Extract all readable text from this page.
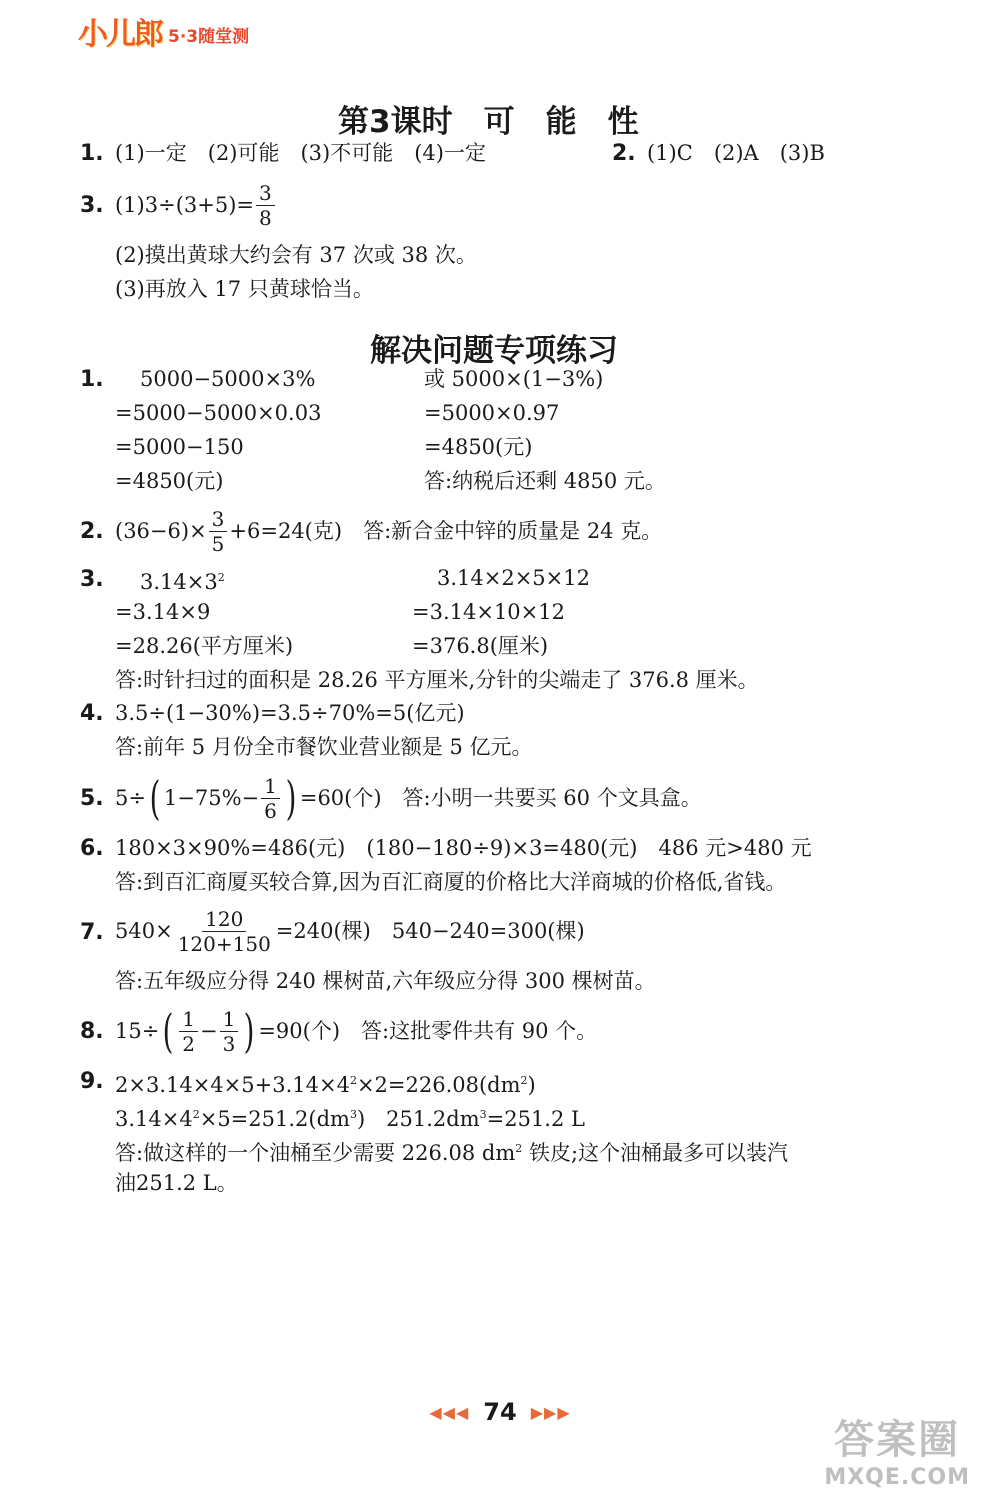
小儿郎 5·3随堂测
第3课时　可　能　性
1. (1)一定　(2)可能　(3)不可能　(4)一定	2. (1)C　(2)A　(3)B
3. $(1)3\div(3+5)= \frac{3}{8}$
(2)摸出黄球大约会有 37 次或 38 次。
(3)再放入 17 只黄球恰当。
解决问题专项练习
1. 5000−5000×3%
=5000−5000×0.03
=5000−150
=4850(元)
或 5000×(1−3%)
=5000×0.97
=4850(元)
答:纳税后还剩 4850 元。
2. $(36-6)\times \frac{3}{5} +6=24$(克)　答:新合金中锌的质量是 24 克。
3. $3.14\times 3^2$
=3.14×9
=28.26(平方厘米)
3.14×2×5×12
=3.14×10×12
=376.8(厘米)
答:时针扫过的面积是 28.26 平方厘米,分针的尖端走了 376.8 厘米。
4. 3.5÷(1−30%)=3.5÷70%=5(亿元)
答:前年 5 月份全市餐饮业营业额是 5 亿元。
5. 5÷ ( $1-75\%- \frac{1}{6}$ ) =60(个)　答:小明一共要买 60 个文具盒。
6. 180×3×90%=486(元)　(180−180÷9)×3=480(元)　486 元>480 元
答:到百汇商厦买较合算,因为百汇商厦的价格比大洋商城的价格低,省钱。
7. $540\times \frac{120}{120+150} =240$(棵)　540−240=300(棵)
答:五年级应分得 240 棵树苗,六年级应分得 300 棵树苗。
8. 15÷ ( $\frac{1}{2} - \frac{1}{3}$ ) =90(个)　答:这批零件共有 90 个。
9. $2\times 3.14\times 4\times 5+3.14\times 4^2\times 2=226.08(dm^2)$
$3.14\times 4^2\times 5=251.2(dm^3)$　$251.2dm^3=251.2$ L
答:做这样的一个油桶至少需要 226.08 $dm^2$ 铁皮;这个油桶最多可以装汽
油251.2 L。
◀◀◀ 74 ▶▶▶
答案圈
MXQE.COM
